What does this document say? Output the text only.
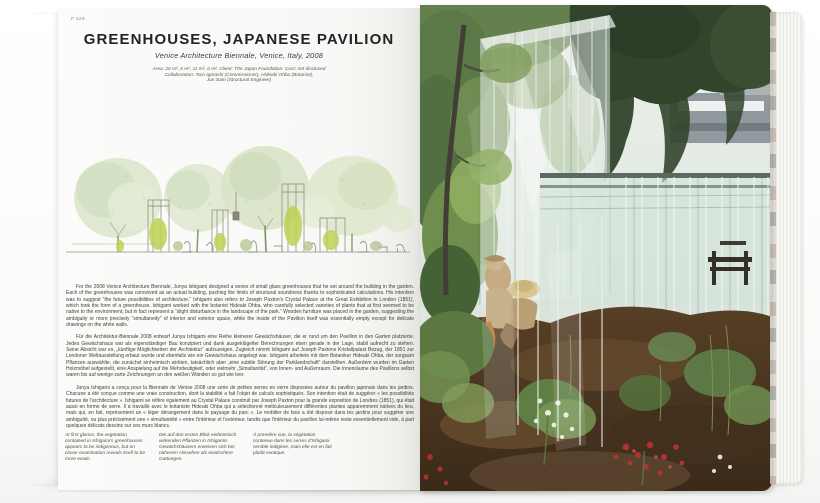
P 328
GREENHOUSES, JAPANESE PAVILION
Venice Architecture Biennale, Venice, Italy, 2008
Area: 20 m², 6 m², 11 m², 6 m². Client: The Japan Foundation. Cost: not disclosed
Collaboration: Taro Igarashi (Commissioner), Hideaki Ohba (Botanist),
Jun Sato (Structural Engineer)

For the 2008 Venice Architecture Biennale, Junya Ishigami designed a series of small glass greenhouses that he set around the building in the garden. Each of the greenhouses was conceived as an actual building, pushing the limits of structural soundness thanks to sophisticated calculations. His intention was to suggest “the future possibilities of architecture.” Ishigami also refers to Joseph Paxton’s Crystal Palace at the Great Exhibition in London (1851), which took the form of a greenhouse. Ishigami worked with the botanist Hideaki Ohba, who carefully selected varieties of plants that at first seemed to be native to the environment, but in fact represent a “slight disturbance in the landscape of the park.” Wooden furniture was placed in the garden, suggesting the ambiguity or more precisely “simultaneity” of interior and exterior space, while the inside of the Pavilion itself was essentially empty except for delicate drawings on the white walls.

Für die Architektur-Biennale 2008 entwarf Junya Ishigami eine Reihe kleinerer Gewächshäuser, die er rund um den Pavillon in den Garten platzierte. Jedes Gewächshaus war als eigenständiger Bau konzipiert und dank ausgeklügelter Berechnungen eben gerade in der Lage, stabil aufrecht zu stehen. Seine Absicht war es, „künftige Möglichkeiten der Architektur“ aufzuzeigen. Zugleich nimmt Ishigami auf Joseph Paxtons Kristallpalast Bezug, der 1851 zur Londoner Weltausstellung erbaut wurde und ebenfalls wie ein Gewächshaus angelegt war. Ishigami arbeitete mit dem Botaniker Hideaki Ohba, der sorgsam Pflanzen auswählte, die zunächst einheimisch wirkten, tatsächlich aber „eine subtile Störung der Parklandschaft“ darstellten. Außerdem wurden im Garten Holzmöbel aufgestellt, eine Anspielung auf die Mehrdeutigkeit, oder vielmehr „Simultanität“, von Innen- und Außenraum. Die Innenräume des Pavillons selbst waren bis auf wenige zarte Zeichnungen an den weißen Wänden so gut wie leer.

Junya Ishigami a conçu pour la Biennale de Venise 2008 une série de petites serres en verre disposées autour du pavillon japonais dans les jardins. Chacune a été conçue comme une vraie construction, dont la stabilité a fait l’objet de calculs sophistiqués. Son intention était de suggérer « les possibilités futures de l’architecture ». Ishigami se réfère également au Crystal Palace construit par Joseph Paxton pour la grande exposition de Londres (1851), qui était aussi en forme de serre. Il a travaillé avec le botaniste Hideaki Ohba qui a sélectionné méticuleusement différentes plantes apparemment natives du lieu, mais qui, en fait, représentent un « léger dérangement dans le paysage du parc ». Le mobilier de bois a été disposé dans les jardins pour suggérer une ambiguïté, ou plus précisément une « simultanéité » entre l’intérieur et l’extérieur, tandis que l’intérieur du pavillon lui-même reste essentiellement vide, à part quelques délicats dessins sur ses murs blancs.

At first glance, the vegetation contained in Ishigami’s greenhouses appears to be indigenous, but on closer examination reveals itself to be more exotic.
Die auf den ersten Blick einheimisch wirkenden Pflanzen in Ishigamis Gewächshäusern erweisen sich bei näherem Hinsehen als exotischere Gattungen.
À première vue, la végétation contenue dans les serres d’Ishigami semble indigène, mais elle est en fait plutôt exotique.
